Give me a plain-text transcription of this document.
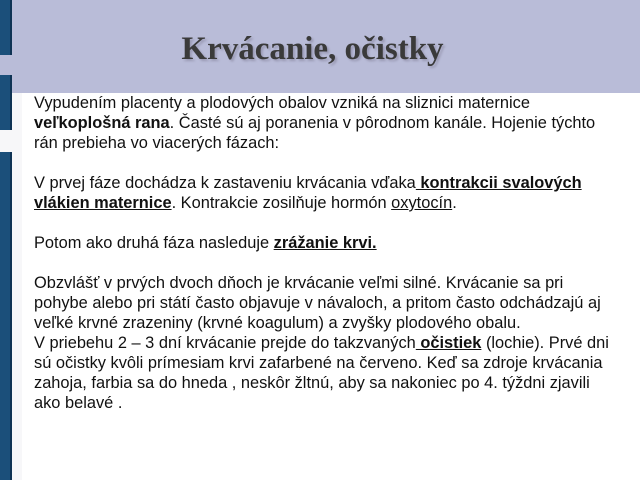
Krvácanie, očistky

Vypudením placenty a plodových obalov vzniká na sliznici maternice veľkoplošná rana. Časté sú aj poranenia v pôrodnom kanále. Hojenie týchto rán prebieha vo viacerých fázach:

V prvej fáze dochádza k zastaveniu krvácania vďaka kontrakcii svalových vlákien maternice. Kontrakcie zosilňuje hormón oxytocín.

Potom ako druhá fáza nasleduje zrážanie krvi.

Obzvlášť v prvých dvoch dňoch je krvácanie veľmi silné. Krvácanie sa pri pohybe alebo pri státí často objavuje v návaloch, a pritom často odchádzajú aj veľké krvné zrazeniny (krvné koagulum) a zvyšky plodového obalu.

V priebehu 2 – 3 dní krvácanie prejde do takzvaných očistiek (lochie). Prvé dni sú očistky kvôli prímesiam krvi zafarbené na červeno. Keď sa zdroje krvácania zahoja, farbia sa do hneda , neskôr žltnú, aby sa nakoniec po 4. týždni zjavili ako belavé .
